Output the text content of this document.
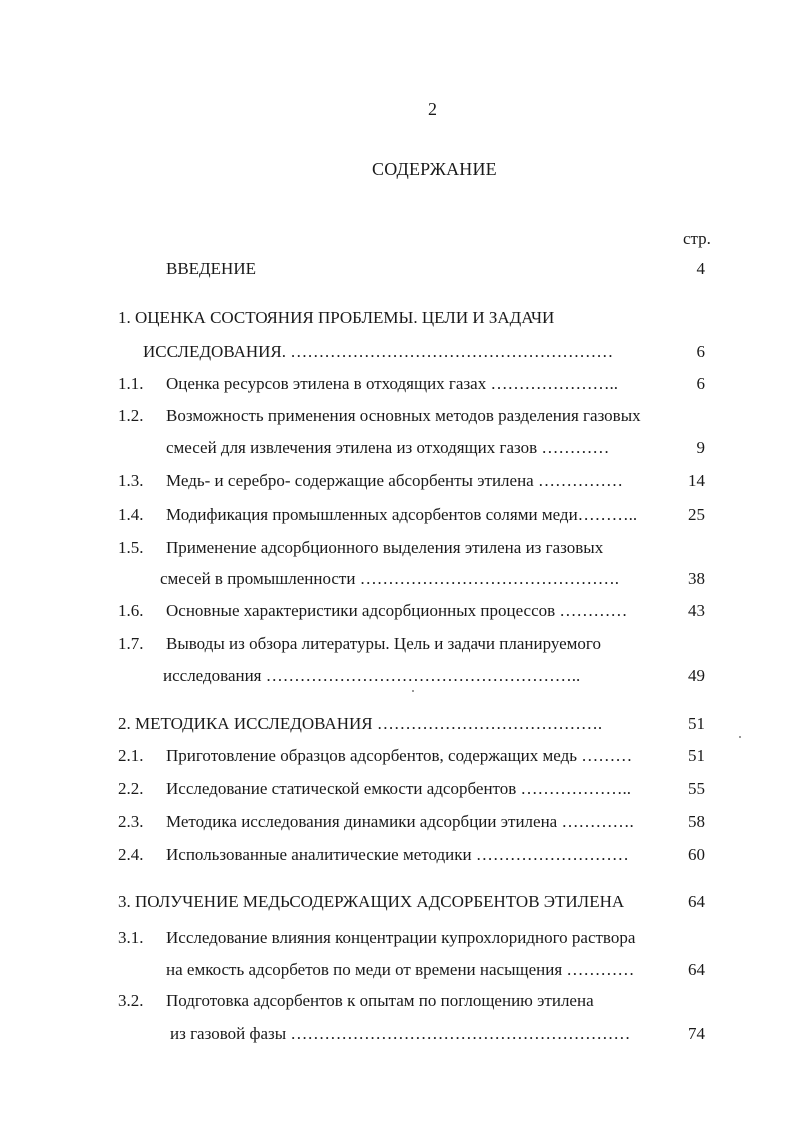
2
СОДЕРЖАНИЕ
стр.
ВВЕДЕНИЕ	4
1. ОЦЕНКА СОСТОЯНИЯ ПРОБЛЕМЫ. ЦЕЛИ И ЗАДАЧИ
ИССЛЕДОВАНИЯ. …………………………………………………	6
1.1. Оценка ресурсов этилена в отходящих газах …………………..	6
1.2. Возможность применения основных методов разделения газовых
смесей для извлечения этилена из отходящих газов …………	9
1.3. Медь- и серебро- содержащие абсорбенты этилена ……………	14
1.4. Модификация промышленных адсорбентов солями меди………..	25
1.5. Применение адсорбционного выделения этилена из газовых
смесей в промышленности ……………………………………….	38
1.6. Основные характеристики адсорбционных процессов …………	43
1.7. Выводы из обзора литературы. Цель и задачи планируемого
исследования ………………………………………………..	49
2. МЕТОДИКА ИССЛЕДОВАНИЯ ………………………………….	51
2.1. Приготовление образцов адсорбентов, содержащих медь ………	51
2.2. Исследование статической емкости адсорбентов ………………..	55
2.3. Методика исследования динамики адсорбции этилена ………….	58
2.4. Использованные аналитические методики ………………………	60
3. ПОЛУЧЕНИЕ МЕДЬСОДЕРЖАЩИХ АДСОРБЕНТОВ ЭТИЛЕНА	64
3.1. Исследование влияния концентрации купрохлоридного раствора
на емкость адсорбетов по меди от времени насыщения …………	64
3.2. Подготовка адсорбентов к опытам по поглощению этилена
из газовой фазы ……………………………………………………	74
